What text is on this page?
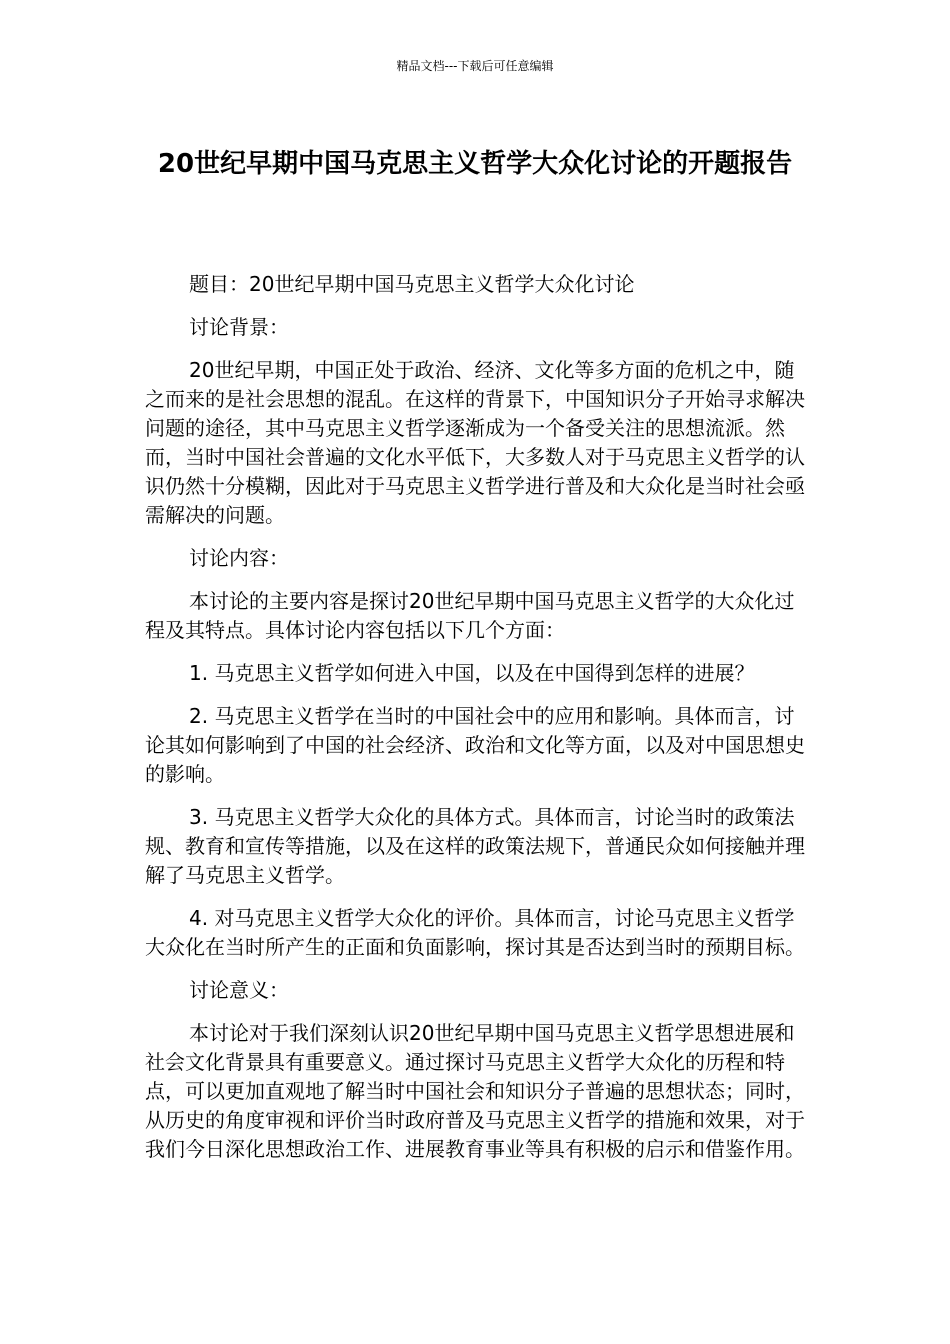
精品文档---下载后可任意编辑
20世纪早期中国马克思主义哲学大众化讨论的开题报告

题目：20世纪早期中国马克思主义哲学大众化讨论

讨论背景：

20世纪早期，中国正处于政治、经济、文化等多方面的危机之中，随之而来的是社会思想的混乱。在这样的背景下，中国知识分子开始寻求解决问题的途径，其中马克思主义哲学逐渐成为一个备受关注的思想流派。然而，当时中国社会普遍的文化水平低下，大多数人对于马克思主义哲学的认识仍然十分模糊，因此对于马克思主义哲学进行普及和大众化是当时社会亟需解决的问题。

讨论内容：

本讨论的主要内容是探讨20世纪早期中国马克思主义哲学的大众化过程及其特点。具体讨论内容包括以下几个方面：

1. 马克思主义哲学如何进入中国，以及在中国得到怎样的进展？

2. 马克思主义哲学在当时的中国社会中的应用和影响。具体而言，讨论其如何影响到了中国的社会经济、政治和文化等方面，以及对中国思想史的影响。

3. 马克思主义哲学大众化的具体方式。具体而言，讨论当时的政策法规、教育和宣传等措施，以及在这样的政策法规下，普通民众如何接触并理解了马克思主义哲学。

4. 对马克思主义哲学大众化的评价。具体而言，讨论马克思主义哲学大众化在当时所产生的正面和负面影响，探讨其是否达到当时的预期目标。

讨论意义：

本讨论对于我们深刻认识20世纪早期中国马克思主义哲学思想进展和社会文化背景具有重要意义。通过探讨马克思主义哲学大众化的历程和特点，可以更加直观地了解当时中国社会和知识分子普遍的思想状态；同时，从历史的角度审视和评价当时政府普及马克思主义哲学的措施和效果，对于我们今日深化思想政治工作、进展教育事业等具有积极的启示和借鉴作用。
